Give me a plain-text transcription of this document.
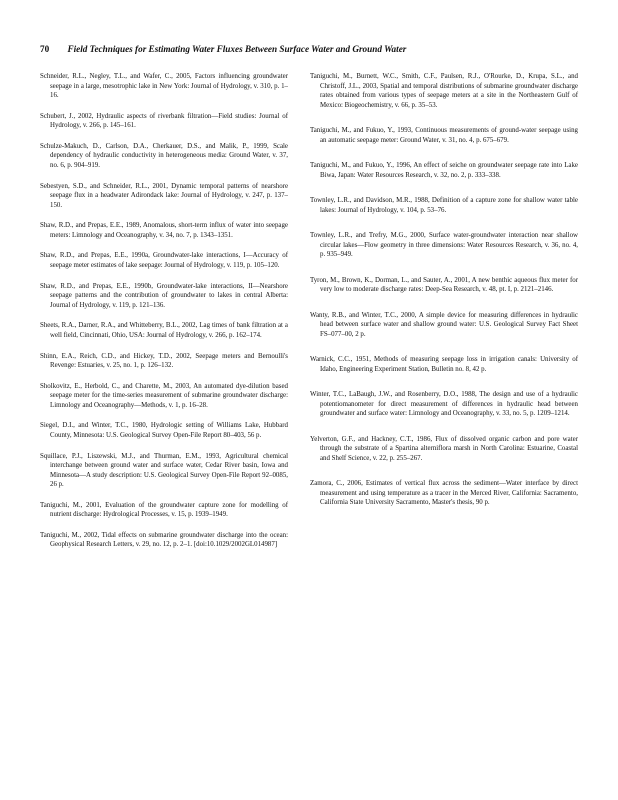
70 Field Techniques for Estimating Water Fluxes Between Surface Water and Ground Water

Schneider, R.L., Negley, T.L., and Wafer, C., 2005, Factors influencing groundwater seepage in a large, mesotrophic lake in New York: Journal of Hydrology, v. 310, p. 1–16.

Schubert, J., 2002, Hydraulic aspects of riverbank filtration—Field studies: Journal of Hydrology, v. 266, p. 145–161.

Schulze-Makuch, D., Carlson, D.A., Cherkauer, D.S., and Malik, P., 1999, Scale dependency of hydraulic conductivity in heterogeneous media: Ground Water, v. 37, no. 6, p. 904–919.

Sebestyen, S.D., and Schneider, R.L., 2001, Dynamic temporal patterns of nearshore seepage flux in a headwater Adirondack lake: Journal of Hydrology, v. 247, p. 137–150.

Shaw, R.D., and Prepas, E.E., 1989, Anomalous, short-term influx of water into seepage meters: Limnology and Oceanography, v. 34, no. 7, p. 1343–1351.

Shaw, R.D., and Prepas, E.E., 1990a, Groundwater-lake interactions, I—Accuracy of seepage meter estimates of lake seepage: Journal of Hydrology, v. 119, p. 105–120.

Shaw, R.D., and Prepas, E.E., 1990b, Groundwater-lake interactions, II—Nearshore seepage patterns and the contribution of groundwater to lakes in central Alberta: Journal of Hydrology, v. 119, p. 121–136.

Sheets, R.A., Darner, R.A., and Whitteberry, B.L., 2002, Lag times of bank filtration at a well field, Cincinnati, Ohio, USA: Journal of Hydrology, v. 266, p. 162–174.

Shinn, E.A., Reich, C.D., and Hickey, T.D., 2002, Seepage meters and Bernoulli's Revenge: Estuaries, v. 25, no. 1, p. 126–132.

Sholkovitz, E., Herbold, C., and Charette, M., 2003, An automated dye-dilution based seepage meter for the time-series measurement of submarine groundwater discharge: Limnology and Oceanography—Methods, v. 1, p. 16–28.

Siegel, D.I., and Winter, T.C., 1980, Hydrologic setting of Williams Lake, Hubbard County, Minnesota: U.S. Geological Survey Open-File Report 80–403, 56 p.

Squillace, P.J., Liszewski, M.J., and Thurman, E.M., 1993, Agricultural chemical interchange between ground water and surface water, Cedar River basin, Iowa and Minnesota—A study description: U.S. Geological Survey Open-File Report 92–0085, 26 p.

Taniguchi, M., 2001, Evaluation of the groundwater capture zone for modelling of nutrient discharge: Hydrological Processes, v. 15, p. 1939–1949.

Taniguchi, M., 2002, Tidal effects on submarine groundwater discharge into the ocean: Geophysical Research Letters, v. 29, no. 12, p. 2–1. [doi:10.1029/2002GL014987]

Taniguchi, M., Burnett, W.C., Smith, C.F., Paulsen, R.J., O'Rourke, D., Krupa, S.L., and Christoff, J.L., 2003, Spatial and temporal distributions of submarine groundwater discharge rates obtained from various types of seepage meters at a site in the Northeastern Gulf of Mexico: Biogeochemistry, v. 66, p. 35–53.

Taniguchi, M., and Fukuo, Y., 1993, Continuous measurements of ground-water seepage using an automatic seepage meter: Ground Water, v. 31, no. 4, p. 675–679.

Taniguchi, M., and Fukuo, Y., 1996, An effect of seiche on groundwater seepage rate into Lake Biwa, Japan: Water Resources Research, v. 32, no. 2, p. 333–338.

Townley, L.R., and Davidson, M.R., 1988, Definition of a capture zone for shallow water table lakes: Journal of Hydrology, v. 104, p. 53–76.

Townley, L.R., and Trefry, M.G., 2000, Surface water-groundwater interaction near shallow circular lakes—Flow geometry in three dimensions: Water Resources Research, v. 36, no. 4, p. 935–949.

Tyron, M., Brown, K., Dorman, L., and Sauter, A., 2001, A new benthic aqueous flux meter for very low to moderate discharge rates: Deep-Sea Research, v. 48, pt. I, p. 2121–2146.

Wanty, R.B., and Winter, T.C., 2000, A simple device for measuring differences in hydraulic head between surface water and shallow ground water: U.S. Geological Survey Fact Sheet FS–077–00, 2 p.

Warnick, C.C., 1951, Methods of measuring seepage loss in irrigation canals: University of Idaho, Engineering Experiment Station, Bulletin no. 8, 42 p.

Winter, T.C., LaBaugh, J.W., and Rosenberry, D.O., 1988, The design and use of a hydraulic potentiomanometer for direct measurement of differences in hydraulic head between groundwater and surface water: Limnology and Oceanography, v. 33, no. 5, p. 1209–1214.

Yelverton, G.F., and Hackney, C.T., 1986, Flux of dissolved organic carbon and pore water through the substrate of a Spartina alterniflora marsh in North Carolina: Estuarine, Coastal and Shelf Science, v. 22, p. 255–267.

Zamora, C., 2006, Estimates of vertical flux across the sediment—Water interface by direct measurement and using temperature as a tracer in the Merced River, California: Sacramento, California State University Sacramento, Master's thesis, 90 p.
